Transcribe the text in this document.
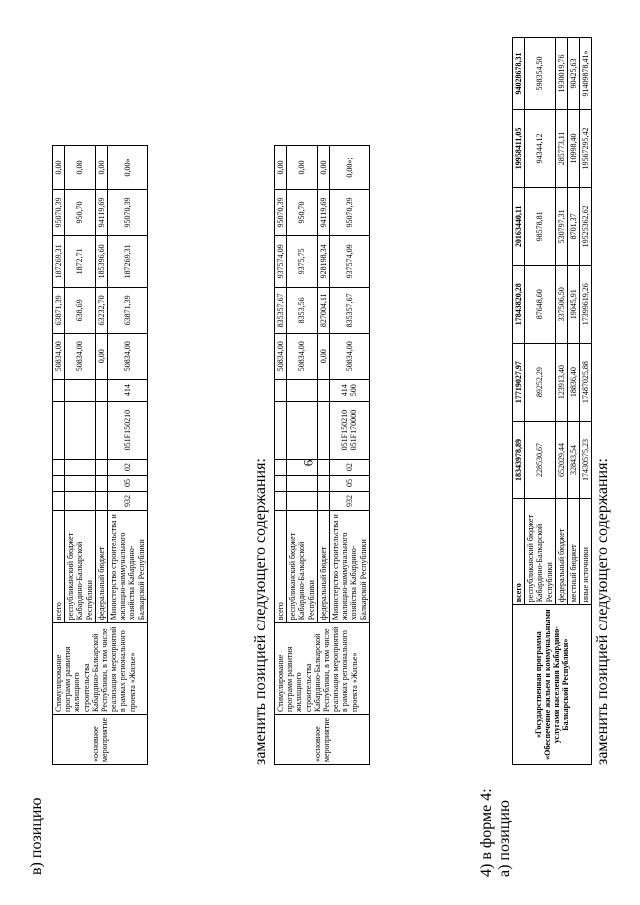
6
в) позицию
«основное мероприятие	Стимулирование программ развития жилищного строительства Кабардино-Балкарской Республики, в том числе реализация мероприятий в рамках регионального проекта «Жилье»	всего						50834,00	63871,39	187269,31	95070,39	0,00
		республиканский бюджет Кабардино-Балкарской Республики						50834,00	638,69	1872,71	950,70	0,00
		федеральный бюджет						0,00	63232,70	185396,60	94119,69	0,00
		Министерство строительства и жилищно-коммунального хозяйства Кабардино-Балкарской Республики	932	05	02	051F150210	414	50834,00	63871,39	187269,31	95070,39	0,00»
заменить позицией следующего содержания:	«основное мероприятие	Стимулирование программ развития жилищного строительства Кабардино-Балкарской Республики, в том числе реализация мероприятий в рамках регионального проекта «Жилье»	всего						50834,00	835357,67	937574,09	95070,39	0,00
		республиканский бюджет Кабардино-Балкарской Республики						50834,00	8353,56	9375,75	950,70	0,00
		федеральный бюджет						0,00	827004,11	928198,34	94119,69	0,00
		Министерство строительства и жилищно-коммунального хозяйства Кабардино-Балкарской Республики	932	05	02	051F150210 051F170000	414 500	50834,00	835357,67	937574,09	95070,39	0,00»;
4) в форме 4: а) позицию
«Государственная программа «Обеспечение жильем и коммунальными услугами населения Кабардино-Балкарской Республики»	всего	18343978,89	17719027,97	17843820,28	20163440,11	19958411,05	94028678,31
	республиканский бюджет Кабардино-Балкарской Республики	228530,67	89252,29	87648,60	98578,81	94344,12	598354,50
	федеральный бюджет	652029,44	123913,40	337506,50	530797,31	285773,11	1930019,76
	местный бюджет	32843,54	18836,40	19045,91	8701,37	10998,40	90425,63
	иные источники	17430575,23	17487025,88	17399619,26	19525362,62	19567295,42	91409878,41»
заменить позицией следующего содержания:
